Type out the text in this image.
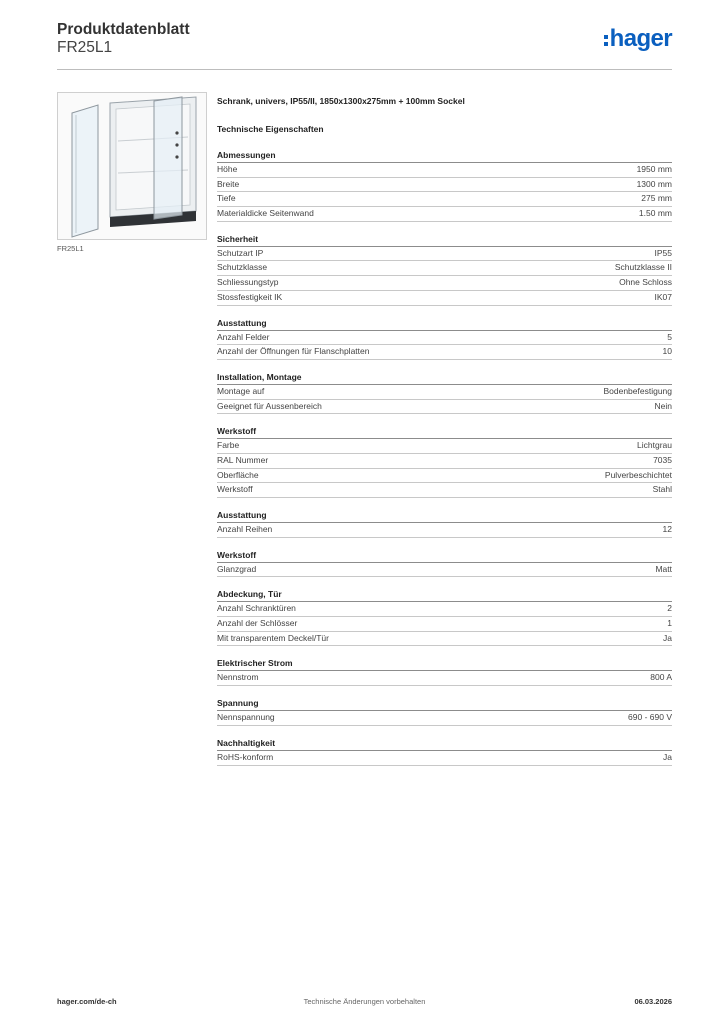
Produktdatenblatt
FR25L1	hager
FR25L1
Schrank, univers, IP55/II, 1850x1300x275mm + 100mm Sockel
Technische Eigenschaften
Abmessungen
Höhe	1950 mm
Breite	1300 mm
Tiefe	275 mm
Materialdicke Seitenwand	1.50 mm
Sicherheit
Schutzart IP	IP55
Schutzklasse	Schutzklasse II
Schliessungstyp	Ohne Schloss
Stossfestigkeit IK	IK07
Ausstattung
Anzahl Felder	5
Anzahl der Öffnungen für Flanschplatten	10
Installation, Montage
Montage auf	Bodenbefestigung
Geeignet für Aussenbereich	Nein
Werkstoff
Farbe	Lichtgrau
RAL Nummer	7035
Oberfläche	Pulverbeschichtet
Werkstoff	Stahl
Ausstattung
Anzahl Reihen	12
Werkstoff
Glanzgrad	Matt
Abdeckung, Tür
Anzahl Schranktüren	2
Anzahl der Schlösser	1
Mit transparentem Deckel/Tür	Ja
Elektrischer Strom
Nennstrom	800 A
Spannung
Nennspannung	690 - 690 V
Nachhaltigkeit
RoHS-konform	Ja
hager.com/de-ch	Technische Änderungen vorbehalten	06.03.2026
